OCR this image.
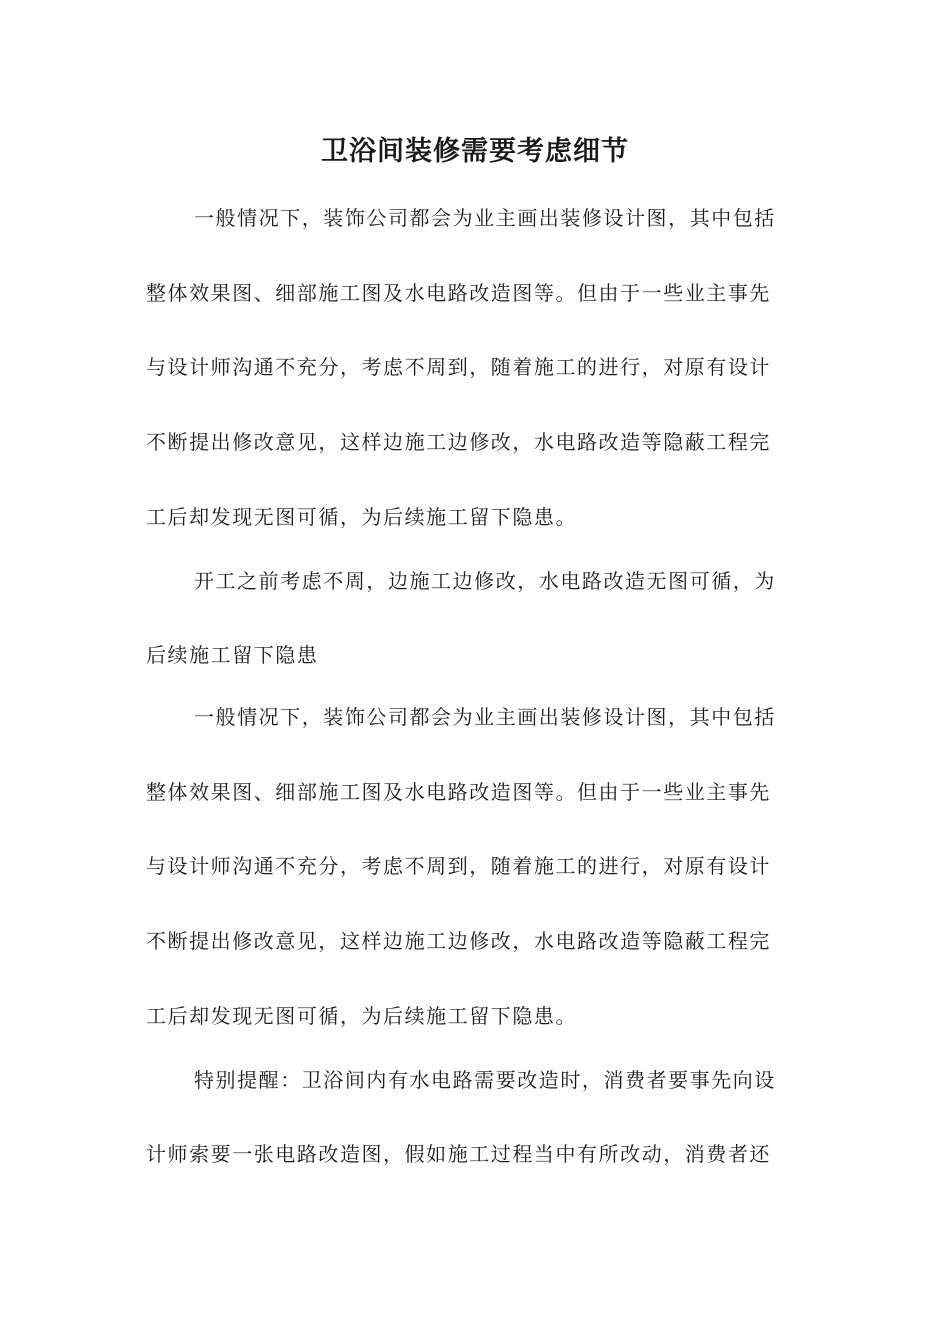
卫浴间装修需要考虑细节
一般情况下，装饰公司都会为业主画出装修设计图，其中包括
整体效果图、细部施工图及水电路改造图等。但由于一些业主事先
与设计师沟通不充分，考虑不周到，随着施工的进行，对原有设计
不断提出修改意见，这样边施工边修改，水电路改造等隐蔽工程完
工后却发现无图可循，为后续施工留下隐患。
开工之前考虑不周，边施工边修改，水电路改造无图可循，为
后续施工留下隐患
一般情况下，装饰公司都会为业主画出装修设计图，其中包括
整体效果图、细部施工图及水电路改造图等。但由于一些业主事先
与设计师沟通不充分，考虑不周到，随着施工的进行，对原有设计
不断提出修改意见，这样边施工边修改，水电路改造等隐蔽工程完
工后却发现无图可循，为后续施工留下隐患。
特别提醒：卫浴间内有水电路需要改造时，消费者要事先向设
计师索要一张电路改造图，假如施工过程当中有所改动，消费者还
